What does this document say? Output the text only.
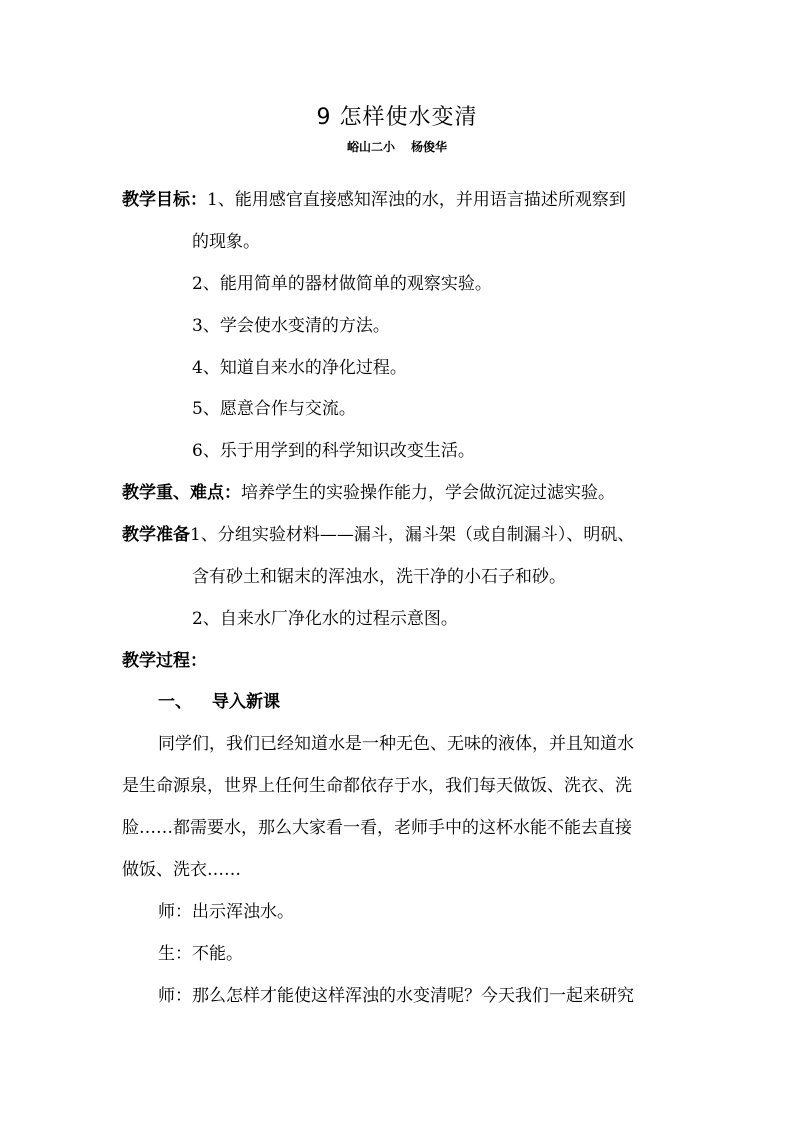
9 怎样使水变清
峪山二小 杨俊华
教学目标：1、能用感官直接感知浑浊的水，并用语言描述所观察到
的现象。
2、能用简单的器材做简单的观察实验。
3、学会使水变清的方法。
4、知道自来水的净化过程。
5、愿意合作与交流。
6、乐于用学到的科学知识改变生活。
教学重、难点：培养学生的实验操作能力，学会做沉淀过滤实验。
教学准备1、分组实验材料——漏斗，漏斗架（或自制漏斗）、明矾、
含有砂土和锯末的浑浊水，洗干净的小石子和砂。
2、自来水厂净化水的过程示意图。
教学过程：
一、 导入新课
同学们，我们已经知道水是一种无色、无味的液体，并且知道水
是生命源泉，世界上任何生命都依存于水，我们每天做饭、洗衣、洗
脸……都需要水，那么大家看一看，老师手中的这杯水能不能去直接
做饭、洗衣……
师：出示浑浊水。
生：不能。
师：那么怎样才能使这样浑浊的水变清呢？今天我们一起来研究
